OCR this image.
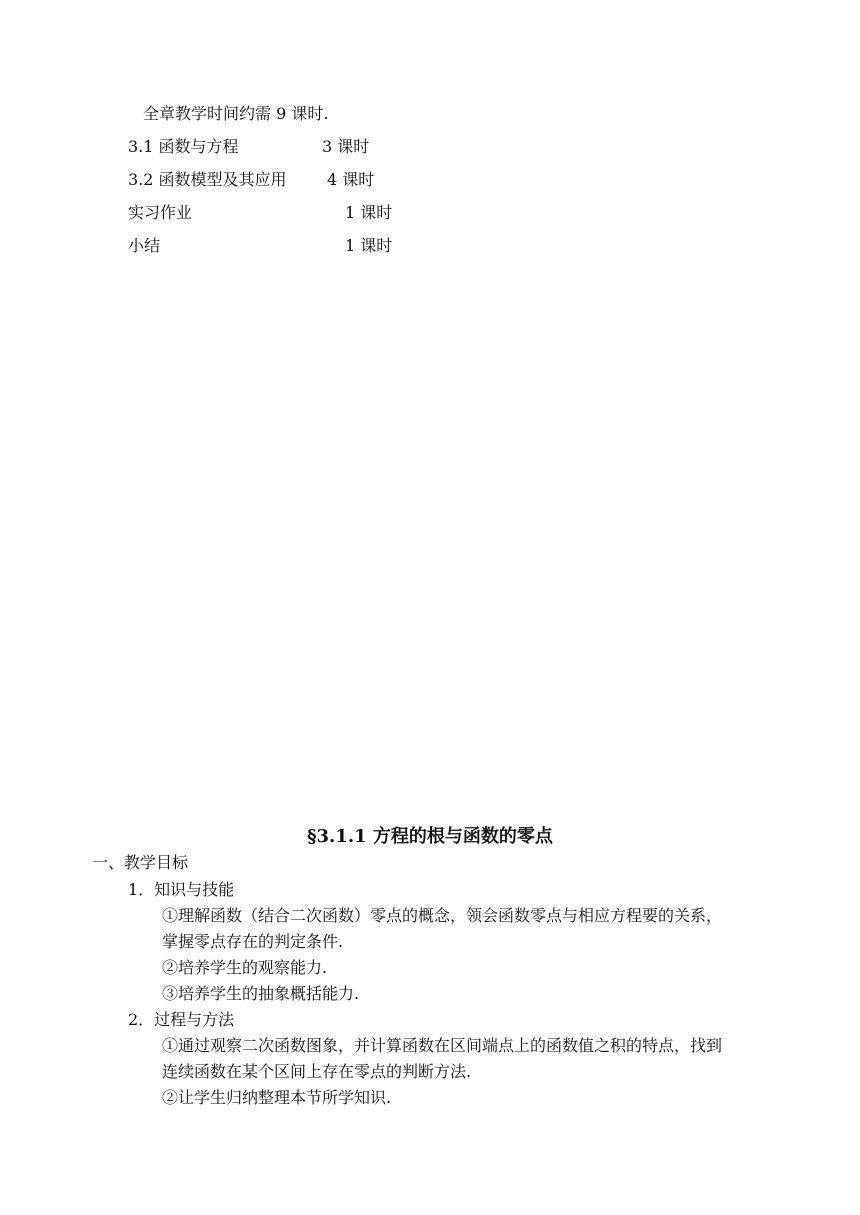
全章教学时间约需 9 课时.
3.1 函数与方程	3 课时
3.2 函数模型及其应用	4 课时
实习作业	1 课时
小结	1 课时
§3.1.1 方程的根与函数的零点
一、教学目标
1．知识与技能
①理解函数（结合二次函数）零点的概念，领会函数零点与相应方程要的关系，
掌握零点存在的判定条件.
②培养学生的观察能力.
③培养学生的抽象概括能力.
2．过程与方法
①通过观察二次函数图象，并计算函数在区间端点上的函数值之积的特点，找到
连续函数在某个区间上存在零点的判断方法.
②让学生归纳整理本节所学知识.
